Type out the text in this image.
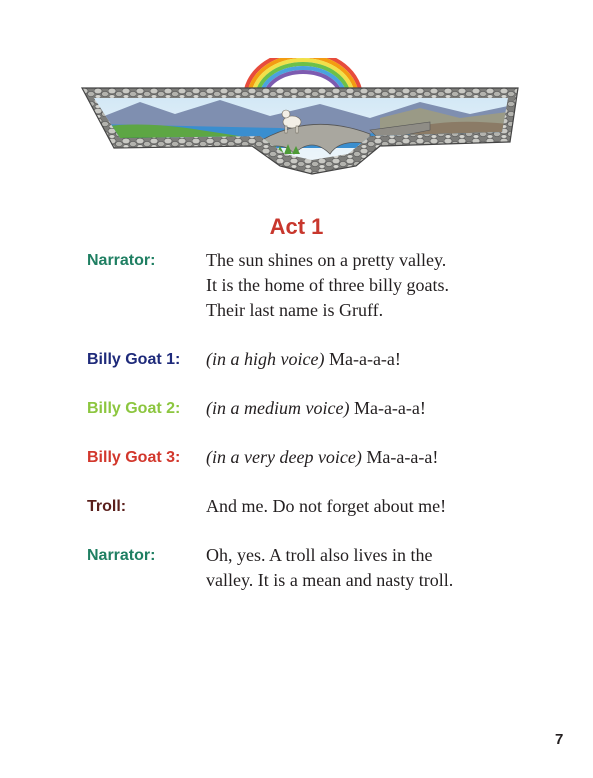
Act 1
Narrator:	The sun shines on a pretty valley.
It is the home of three billy goats.
Their last name is Gruff.
Billy Goat 1:	(in a high voice) Ma-a-a-a!
Billy Goat 2:	(in a medium voice) Ma-a-a-a!
Billy Goat 3:	(in a very deep voice) Ma-a-a-a!
Troll:	And me. Do not forget about me!
Narrator:	Oh, yes. A troll also lives in the
valley. It is a mean and nasty troll.
7
